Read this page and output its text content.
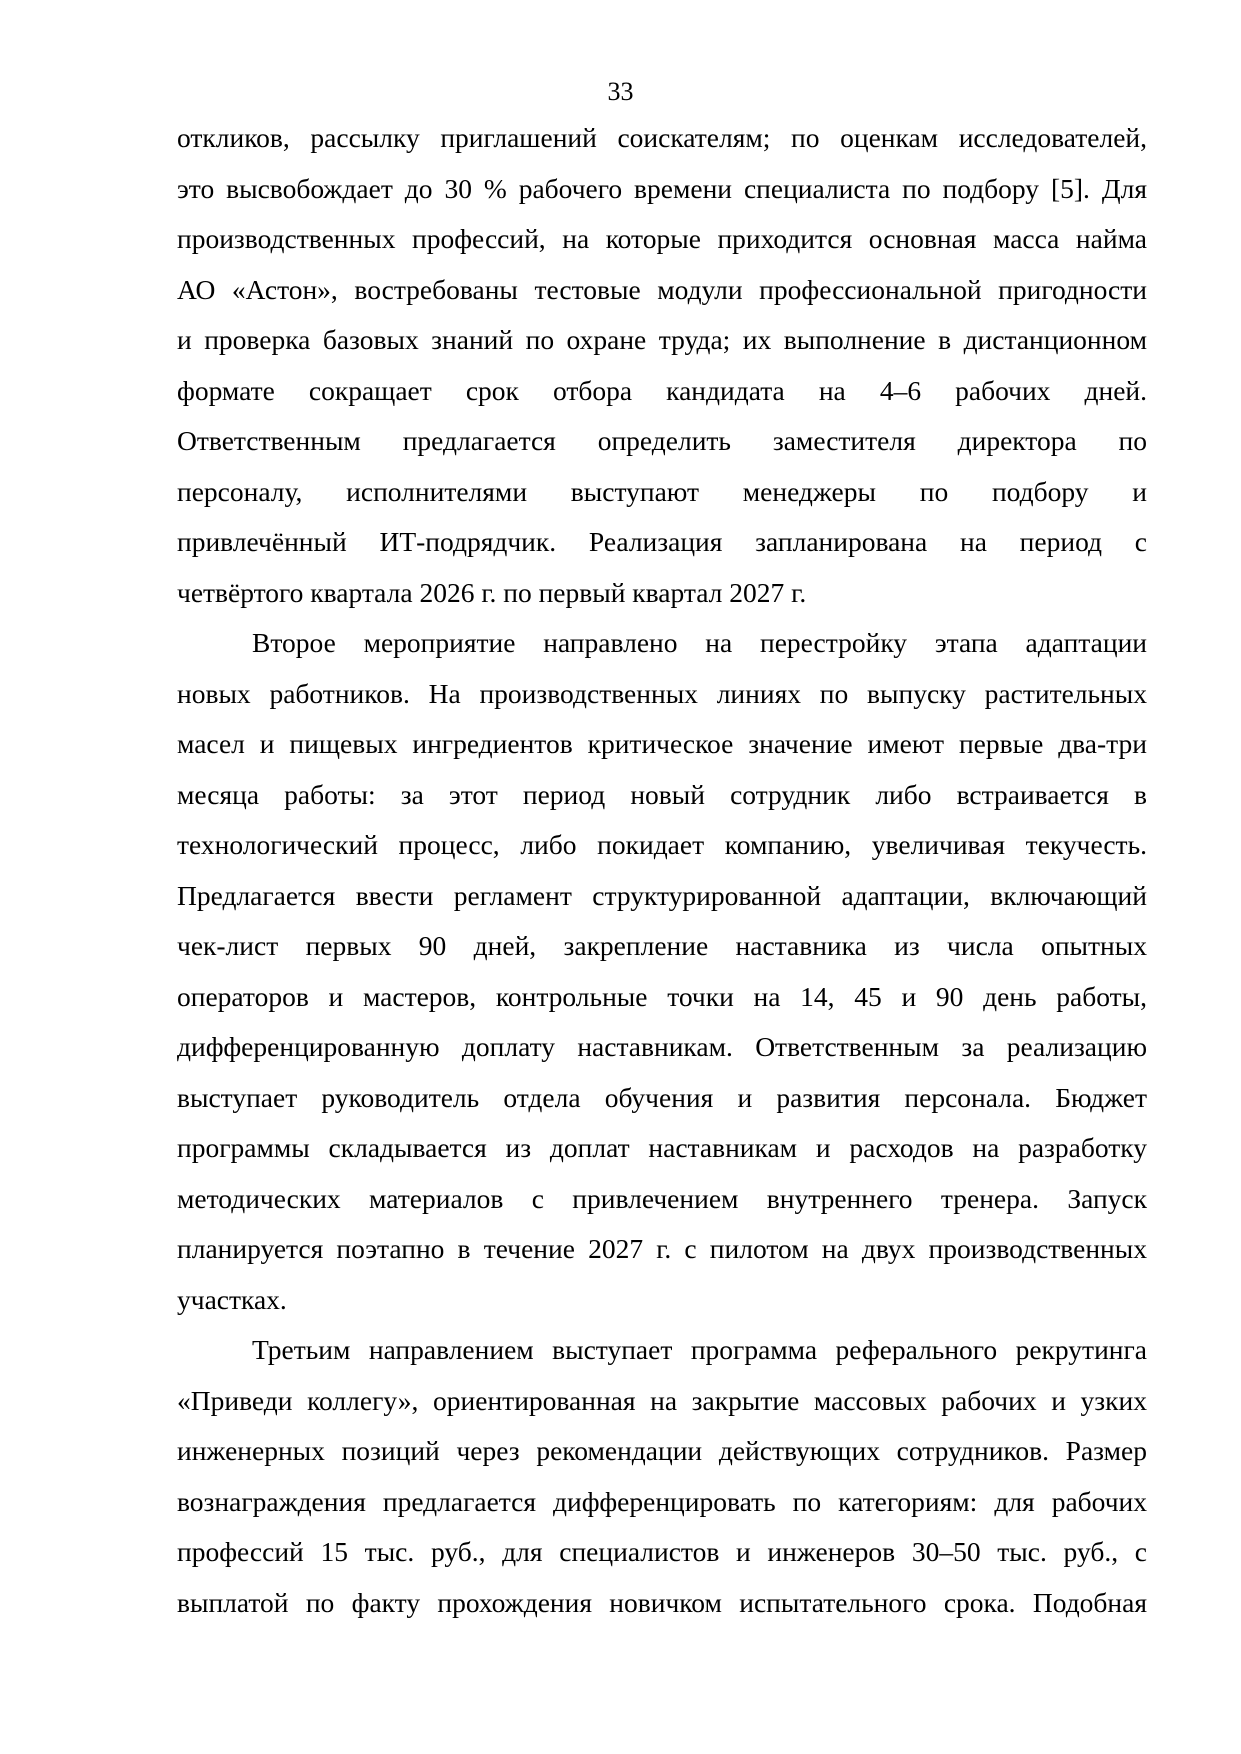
33
откликов, рассылку приглашений соискателям; по оценкам исследователей,
это высвобождает до 30 % рабочего времени специалиста по подбору [5]. Для
производственных профессий, на которые приходится основная масса найма
АО «Астон», востребованы тестовые модули профессиональной пригодности
и проверка базовых знаний по охране труда; их выполнение в дистанционном
формате сокращает срок отбора кандидата на 4–6 рабочих дней.
Ответственным предлагается определить заместителя директора по
персоналу, исполнителями выступают менеджеры по подбору и
привлечённый ИТ-подрядчик. Реализация запланирована на период с
четвёртого квартала 2026 г. по первый квартал 2027 г.
Второе мероприятие направлено на перестройку этапа адаптации
новых работников. На производственных линиях по выпуску растительных
масел и пищевых ингредиентов критическое значение имеют первые два-три
месяца работы: за этот период новый сотрудник либо встраивается в
технологический процесс, либо покидает компанию, увеличивая текучесть.
Предлагается ввести регламент структурированной адаптации, включающий
чек-лист первых 90 дней, закрепление наставника из числа опытных
операторов и мастеров, контрольные точки на 14, 45 и 90 день работы,
дифференцированную доплату наставникам. Ответственным за реализацию
выступает руководитель отдела обучения и развития персонала. Бюджет
программы складывается из доплат наставникам и расходов на разработку
методических материалов с привлечением внутреннего тренера. Запуск
планируется поэтапно в течение 2027 г. с пилотом на двух производственных
участках.
Третьим направлением выступает программа реферального рекрутинга
«Приведи коллегу», ориентированная на закрытие массовых рабочих и узких
инженерных позиций через рекомендации действующих сотрудников. Размер
вознаграждения предлагается дифференцировать по категориям: для рабочих
профессий 15 тыс. руб., для специалистов и инженеров 30–50 тыс. руб., с
выплатой по факту прохождения новичком испытательного срока. Подобная
